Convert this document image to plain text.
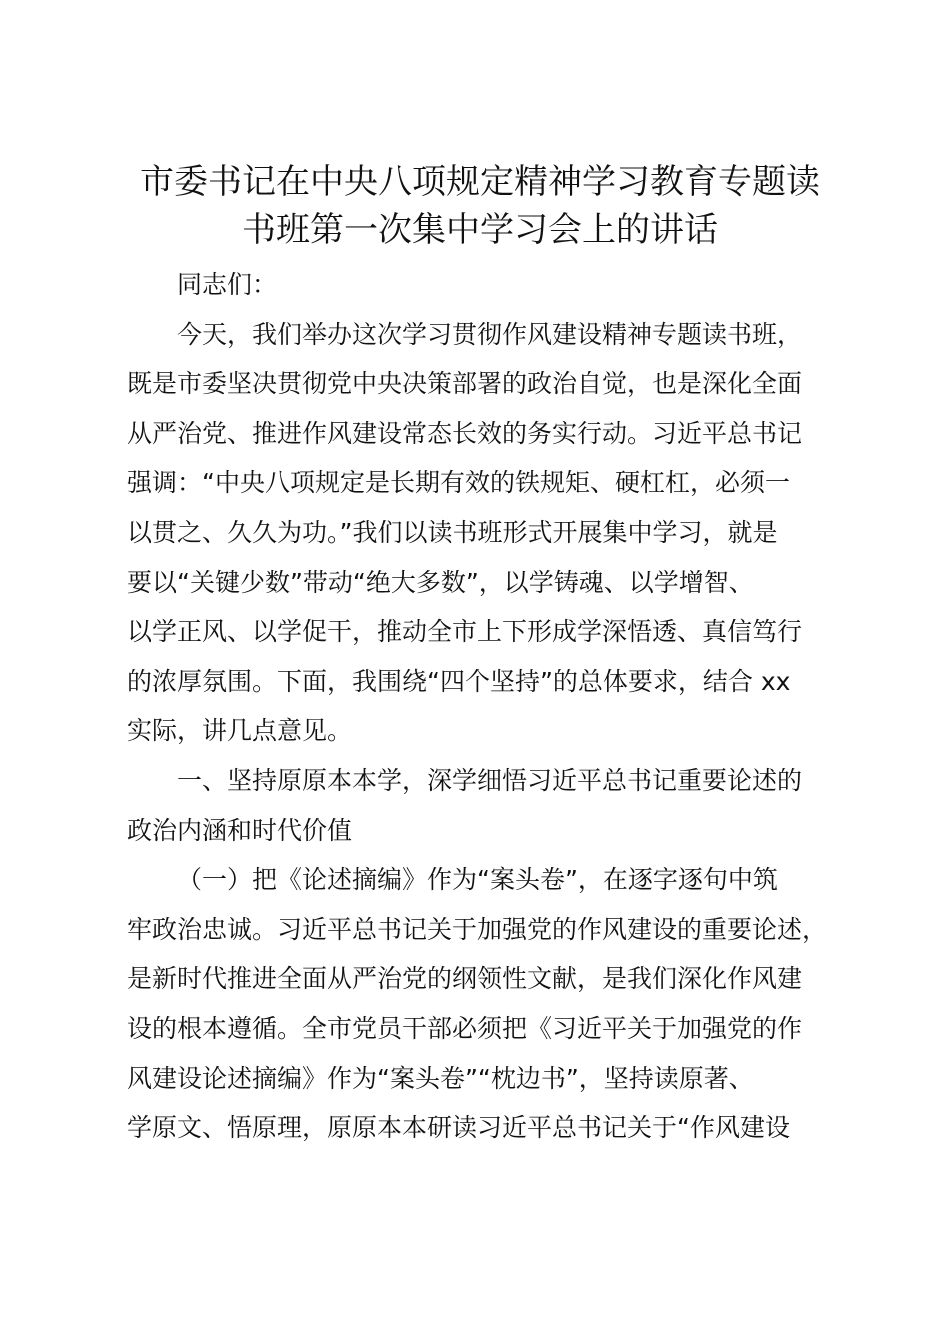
市委书记在中央八项规定精神学习教育专题读
书班第一次集中学习会上的讲话
同志们：
今天，我们举办这次学习贯彻作风建设精神专题读书班，
既是市委坚决贯彻党中央决策部署的政治自觉，也是深化全面
从严治党、推进作风建设常态长效的务实行动。习近平总书记
强调：“中央八项规定是长期有效的铁规矩、硬杠杠，必须一
以贯之、久久为功。”我们以读书班形式开展集中学习，就是
要以“关键少数”带动“绝大多数”，以学铸魂、以学增智、
以学正风、以学促干，推动全市上下形成学深悟透、真信笃行
的浓厚氛围。下面，我围绕“四个坚持”的总体要求，结合 xx
实际，讲几点意见。
一、坚持原原本本学，深学细悟习近平总书记重要论述的
政治内涵和时代价值
（一）把《论述摘编》作为“案头卷”，在逐字逐句中筑
牢政治忠诚。习近平总书记关于加强党的作风建设的重要论述，
是新时代推进全面从严治党的纲领性文献，是我们深化作风建
设的根本遵循。全市党员干部必须把《习近平关于加强党的作
风建设论述摘编》作为“案头卷”“枕边书”，坚持读原著、
学原文、悟原理，原原本本研读习近平总书记关于“作风建设
